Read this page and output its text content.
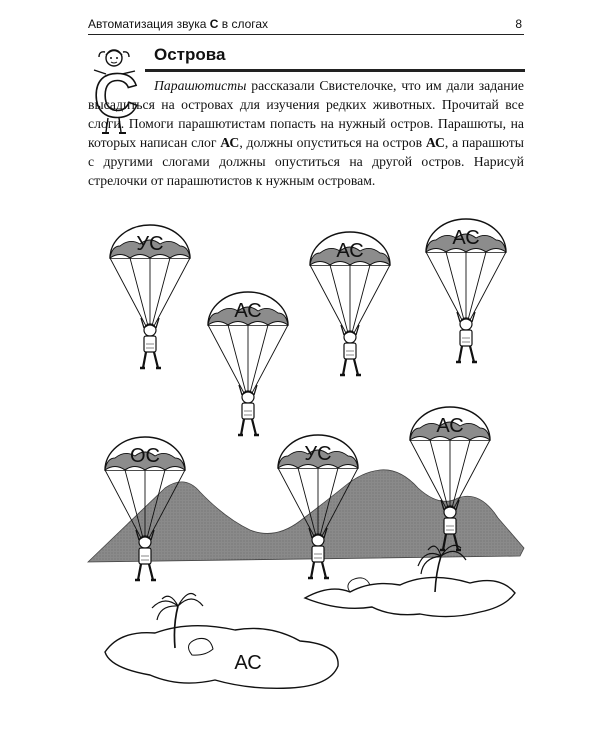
Автоматизация звука С в слогах	8
С
Острова
Парашютисты рассказали Свистелочке, что им дали задание высадиться на островах для изучения редких животных. Прочитай все слоги. Помоги парашютистам попасть на нужный остров. Парашюты, на которых написан слог АС, должны опуститься на остров АС, а парашюты с другими слогами должны опуститься на другой остров. Нарисуй стрелочки от парашютистов к нужным островам.
АС
УС
АС
АС
АС
ОС	УС
АС
